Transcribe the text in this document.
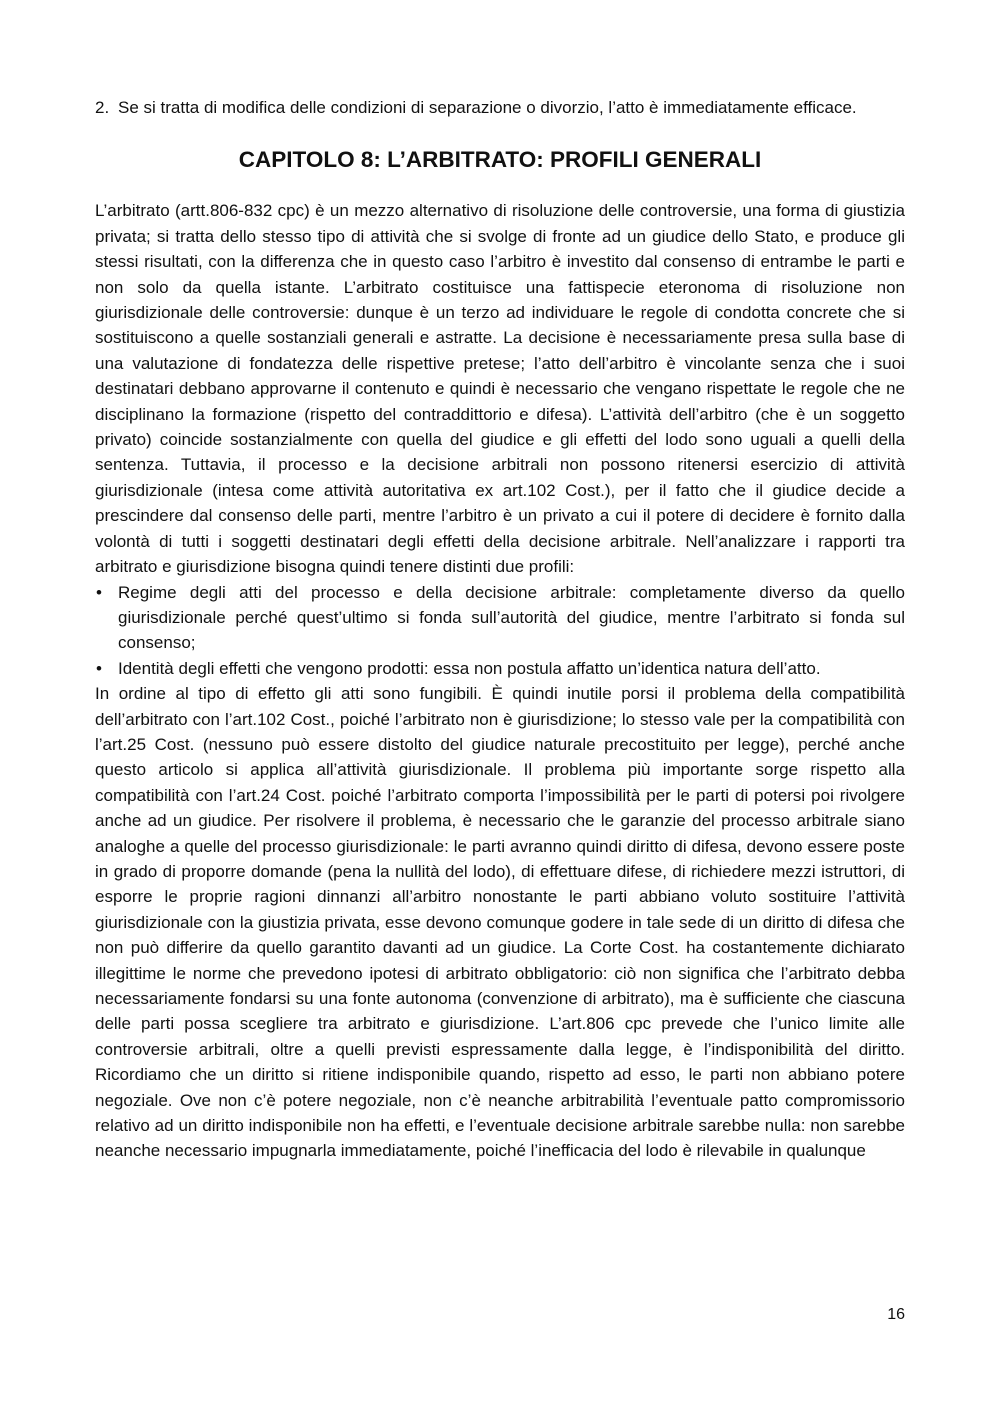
2. Se si tratta di modifica delle condizioni di separazione o divorzio, l’atto è immediatamente efficace.
CAPITOLO 8: L’ARBITRATO: PROFILI GENERALI

L’arbitrato (artt.806-832 cpc) è un mezzo alternativo di risoluzione delle controversie, una forma di giustizia privata; si tratta dello stesso tipo di attività che si svolge di fronte ad un giudice dello Stato, e produce gli stessi risultati, con la differenza che in questo caso l’arbitro è investito dal consenso di entrambe le parti e non solo da quella istante. L’arbitrato costituisce una fattispecie eteronoma di risoluzione non giurisdizionale delle controversie: dunque è un terzo ad individuare le regole di condotta concrete che si sostituiscono a quelle sostanziali generali e astratte. La decisione è necessariamente presa sulla base di una valutazione di fondatezza delle rispettive pretese; l’atto dell’arbitro è vincolante senza che i suoi destinatari debbano approvarne il contenuto e quindi è necessario che vengano rispettate le regole che ne disciplinano la formazione (rispetto del contraddittorio e difesa). L’attività dell’arbitro (che è un soggetto privato) coincide sostanzialmente con quella del giudice e gli effetti del lodo sono uguali a quelli della sentenza. Tuttavia, il processo e la decisione arbitrali non possono ritenersi esercizio di attività giurisdizionale (intesa come attività autoritativa ex art.102 Cost.), per il fatto che il giudice decide a prescindere dal consenso delle parti, mentre l’arbitro è un privato a cui il potere di decidere è fornito dalla volontà di tutti i soggetti destinatari degli effetti della decisione arbitrale. Nell’analizzare i rapporti tra arbitrato e giurisdizione bisogna quindi tenere distinti due profili:

• Regime degli atti del processo e della decisione arbitrale: completamente diverso da quello giurisdizionale perché quest’ultimo si fonda sull’autorità del giudice, mentre l’arbitrato si fonda sul consenso;
• Identità degli effetti che vengono prodotti: essa non postula affatto un’identica natura dell’atto.

In ordine al tipo di effetto gli atti sono fungibili. È quindi inutile porsi il problema della compatibilità dell’arbitrato con l’art.102 Cost., poiché l’arbitrato non è giurisdizione; lo stesso vale per la compatibilità con l’art.25 Cost. (nessuno può essere distolto del giudice naturale precostituito per legge), perché anche questo articolo si applica all’attività giurisdizionale. Il problema più importante sorge rispetto alla compatibilità con l’art.24 Cost. poiché l’arbitrato comporta l’impossibilità per le parti di potersi poi rivolgere anche ad un giudice. Per risolvere il problema, è necessario che le garanzie del processo arbitrale siano analoghe a quelle del processo giurisdizionale: le parti avranno quindi diritto di difesa, devono essere poste in grado di proporre domande (pena la nullità del lodo), di effettuare difese, di richiedere mezzi istruttori, di esporre le proprie ragioni dinnanzi all’arbitro nonostante le parti abbiano voluto sostituire l’attività giurisdizionale con la giustizia privata, esse devono comunque godere in tale sede di un diritto di difesa che non può differire da quello garantito davanti ad un giudice. La Corte Cost. ha costantemente dichiarato illegittime le norme che prevedono ipotesi di arbitrato obbligatorio: ciò non significa che l’arbitrato debba necessariamente fondarsi su una fonte autonoma (convenzione di arbitrato), ma è sufficiente che ciascuna delle parti possa scegliere tra arbitrato e giurisdizione. L’art.806 cpc prevede che l’unico limite alle controversie arbitrali, oltre a quelli previsti espressamente dalla legge, è l’indisponibilità del diritto. Ricordiamo che un diritto si ritiene indisponibile quando, rispetto ad esso, le parti non abbiano potere negoziale. Ove non c’è potere negoziale, non c’è neanche arbitrabilità l’eventuale patto compromissorio relativo ad un diritto indisponibile non ha effetti, e l’eventuale decisione arbitrale sarebbe nulla: non sarebbe neanche necessario impugnarla immediatamente, poiché l’inefficacia del lodo è rilevabile in qualunque

16
